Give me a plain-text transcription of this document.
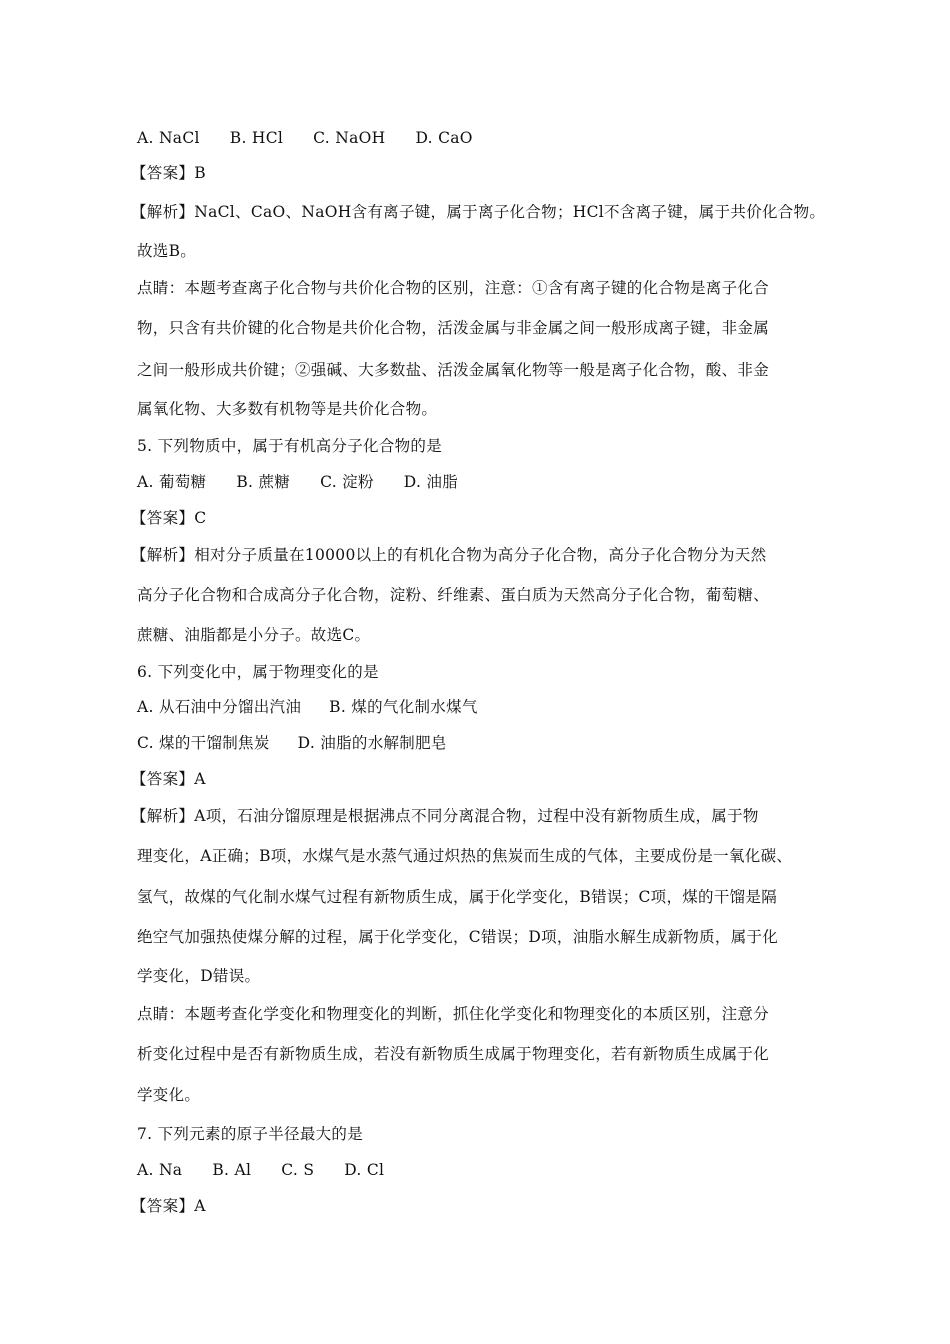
A. NaCl B. HCl C. NaOH D. CaO
【答案】B
【解析】NaCl、CaO、NaOH含有离子键，属于离子化合物；HCl不含离子键，属于共价化合物。
故选B。
点睛：本题考查离子化合物与共价化合物的区别，注意：①含有离子键的化合物是离子化合
物，只含有共价键的化合物是共价化合物，活泼金属与非金属之间一般形成离子键，非金属
之间一般形成共价键；②强碱、大多数盐、活泼金属氧化物等一般是离子化合物，酸、非金
属氧化物、大多数有机物等是共价化合物。
5. 下列物质中，属于有机高分子化合物的是
A. 葡萄糖 B. 蔗糖 C. 淀粉 D. 油脂
【答案】C
【解析】相对分子质量在10000以上的有机化合物为高分子化合物，高分子化合物分为天然
高分子化合物和合成高分子化合物，淀粉、纤维素、蛋白质为天然高分子化合物，葡萄糖、
蔗糖、油脂都是小分子。故选C。
6. 下列变化中，属于物理变化的是
A. 从石油中分馏出汽油 B. 煤的气化制水煤气
C. 煤的干馏制焦炭 D. 油脂的水解制肥皂
【答案】A
【解析】A项，石油分馏原理是根据沸点不同分离混合物，过程中没有新物质生成，属于物
理变化，A正确；B项，水煤气是水蒸气通过炽热的焦炭而生成的气体，主要成份是一氧化碳、
氢气，故煤的气化制水煤气过程有新物质生成，属于化学变化，B错误；C项，煤的干馏是隔
绝空气加强热使煤分解的过程，属于化学变化，C错误；D项，油脂水解生成新物质，属于化
学变化，D错误。
点睛：本题考查化学变化和物理变化的判断，抓住化学变化和物理变化的本质区别，注意分
析变化过程中是否有新物质生成，若没有新物质生成属于物理变化，若有新物质生成属于化
学变化。
7. 下列元素的原子半径最大的是
A. Na B. Al C. S D. Cl
【答案】A
